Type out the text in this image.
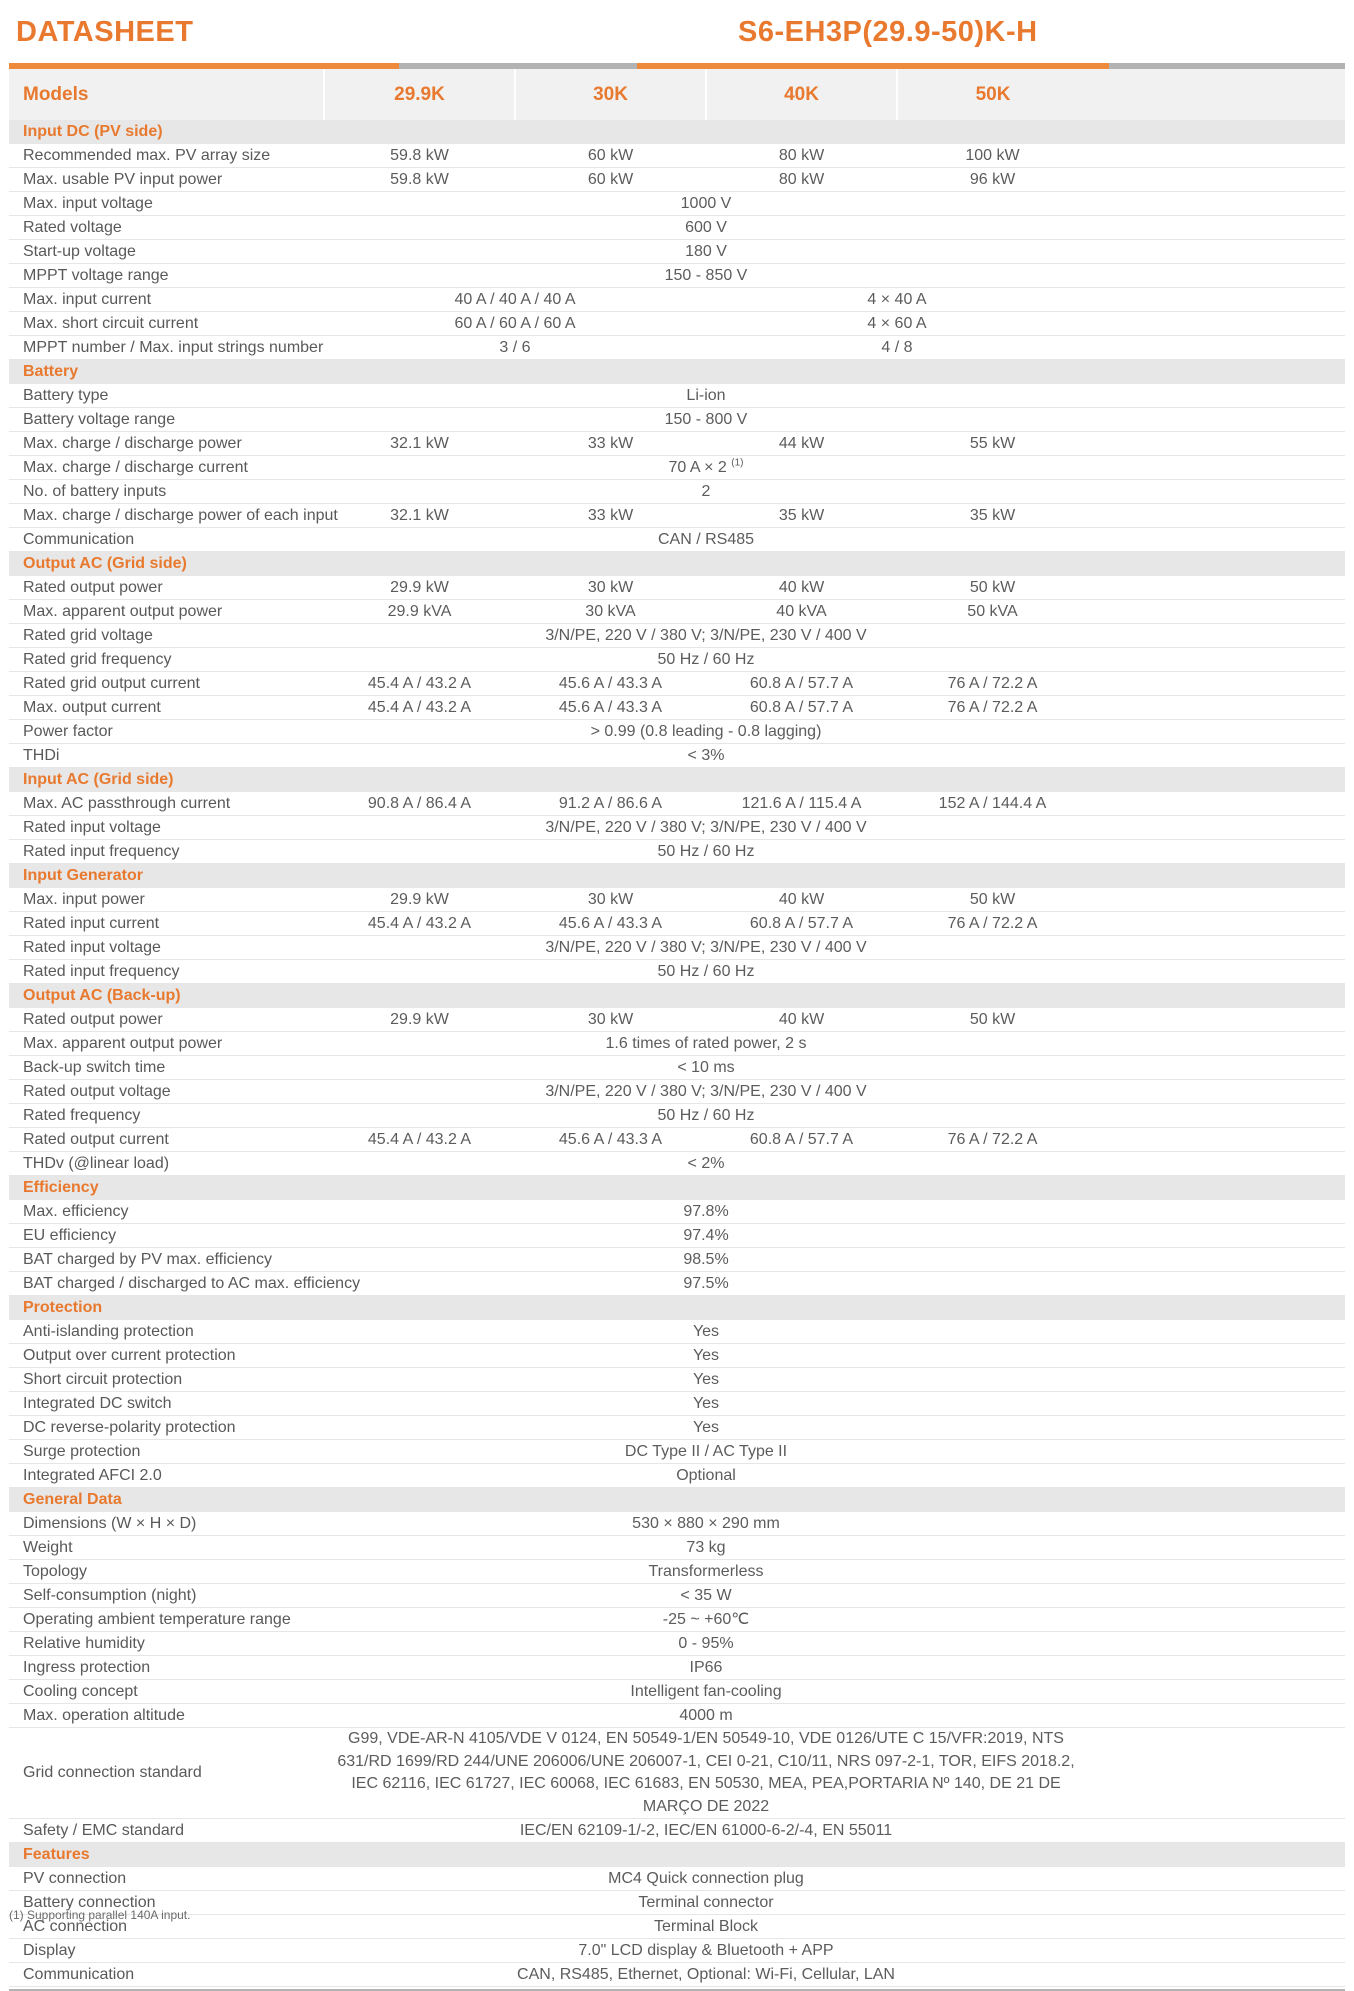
DATASHEET	S6-EH3P(29.9-50)K-H
Models	29.9K	30K	40K	50K
Input DC (PV side)				
Recommended max. PV array size	59.8 kW	60 kW	80 kW	100 kW
Max. usable PV input power	59.8 kW	60 kW	80 kW	96 kW
Max. input voltage	1000 V			
Rated voltage	600 V			
Start-up voltage	180 V			
MPPT voltage range	150 - 850 V			
Max. input current	40 A / 40 A / 40 A		4 × 40 A	
Max. short circuit current	60 A / 60 A / 60 A		4 × 60 A	
MPPT number / Max. input strings number	3 / 6		4 / 8	
Battery				
Battery type	Li-ion			
Battery voltage range	150 - 800 V			
Max. charge / discharge power	32.1 kW	33 kW	44 kW	55 kW
Max. charge / discharge current	70 A × 2 $^{(1)}$
No. of battery inputs	2			
Max. charge / discharge power of each input	32.1 kW	33 kW	35 kW	35 kW
Communication	CAN / RS485			
Output AC (Grid side)				
Rated output power	29.9 kW	30 kW	40 kW	50 kW
Max. apparent output power	29.9 kVA	30 kVA	40 kVA	50 kVA
Rated grid voltage	3/N/PE, 220 V / 380 V; 3/N/PE, 230 V / 400 V			
Rated grid frequency	50 Hz / 60 Hz			
Rated grid output current	45.4 A / 43.2 A	45.6 A / 43.3 A	60.8 A / 57.7 A	76 A / 72.2 A
Max. output current	45.4 A / 43.2 A	45.6 A / 43.3 A	60.8 A / 57.7 A	76 A / 72.2 A
Power factor	> 0.99 (0.8 leading - 0.8 lagging)			
THDi	< 3%			
Input AC (Grid side)				
Max. AC passthrough current	90.8 A / 86.4 A	91.2 A / 86.6 A	121.6 A / 115.4 A	152 A / 144.4 A
Rated input voltage	3/N/PE, 220 V / 380 V; 3/N/PE, 230 V / 400 V			
Rated input frequency	50 Hz / 60 Hz			
Input Generator				
Max. input power	29.9 kW	30 kW	40 kW	50 kW
Rated input current	45.4 A / 43.2 A	45.6 A / 43.3 A	60.8 A / 57.7 A	76 A / 72.2 A
Rated input voltage	3/N/PE, 220 V / 380 V; 3/N/PE, 230 V / 400 V			
Rated input frequency	50 Hz / 60 Hz			
Output AC (Back-up)				
Rated output power	29.9 kW	30 kW	40 kW	50 kW
Max. apparent output power	1.6 times of rated power, 2 s			
Back-up switch time	< 10 ms			
Rated output voltage	3/N/PE, 220 V / 380 V; 3/N/PE, 230 V / 400 V			
Rated frequency	50 Hz / 60 Hz			
Rated output current	45.4 A / 43.2 A	45.6 A / 43.3 A	60.8 A / 57.7 A	76 A / 72.2 A
THDv (@linear load)	< 2%			
Efficiency				
Max. efficiency	97.8%			
EU efficiency	97.4%			
BAT charged by PV max. efficiency	98.5%			
BAT charged / discharged to AC max. efficiency	97.5%			
Protection				
Anti-islanding protection	Yes			
Output over current protection	Yes			
Short circuit protection	Yes			
Integrated DC switch	Yes			
DC reverse-polarity protection	Yes			
Surge protection	DC Type II / AC Type II			
Integrated AFCI 2.0	Optional			
General Data				
Dimensions (W × H × D)	530 × 880 × 290 mm			
Weight	73 kg			
Topology	Transformerless			
Self-consumption (night)	< 35 W			
Operating ambient temperature range	-25 ~ +60℃			
Relative humidity	0 - 95%			
Ingress protection	IP66			
Cooling concept	Intelligent fan-cooling			
Max. operation altitude	4000 m			
Grid connection standard	G99, VDE-AR-N 4105/VDE V 0124, EN 50549-1/EN 50549-10, VDE 0126/UTE C 15/VFR:2019, NTS 631/RD 1699/RD 244/UNE 206006/UNE 206007-1, CEI 0-21, C10/11, NRS 097-2-1, TOR, EIFS 2018.2, IEC 62116, IEC 61727, IEC 60068, IEC 61683, EN 50530, MEA, PEA,PORTARIA Nº 140, DE 21 DE MARÇO DE 2022			
Safety / EMC standard	IEC/EN 62109-1/-2, IEC/EN 61000-6-2/-4, EN 55011			
Features				
PV connection	MC4 Quick connection plug			
Battery connection	Terminal connector			
AC connection	Terminal Block			
Display	7.0" LCD display & Bluetooth + APP			
Communication	CAN, RS485, Ethernet, Optional: Wi-Fi, Cellular, LAN			
(1) Supporting parallel 140A input.
